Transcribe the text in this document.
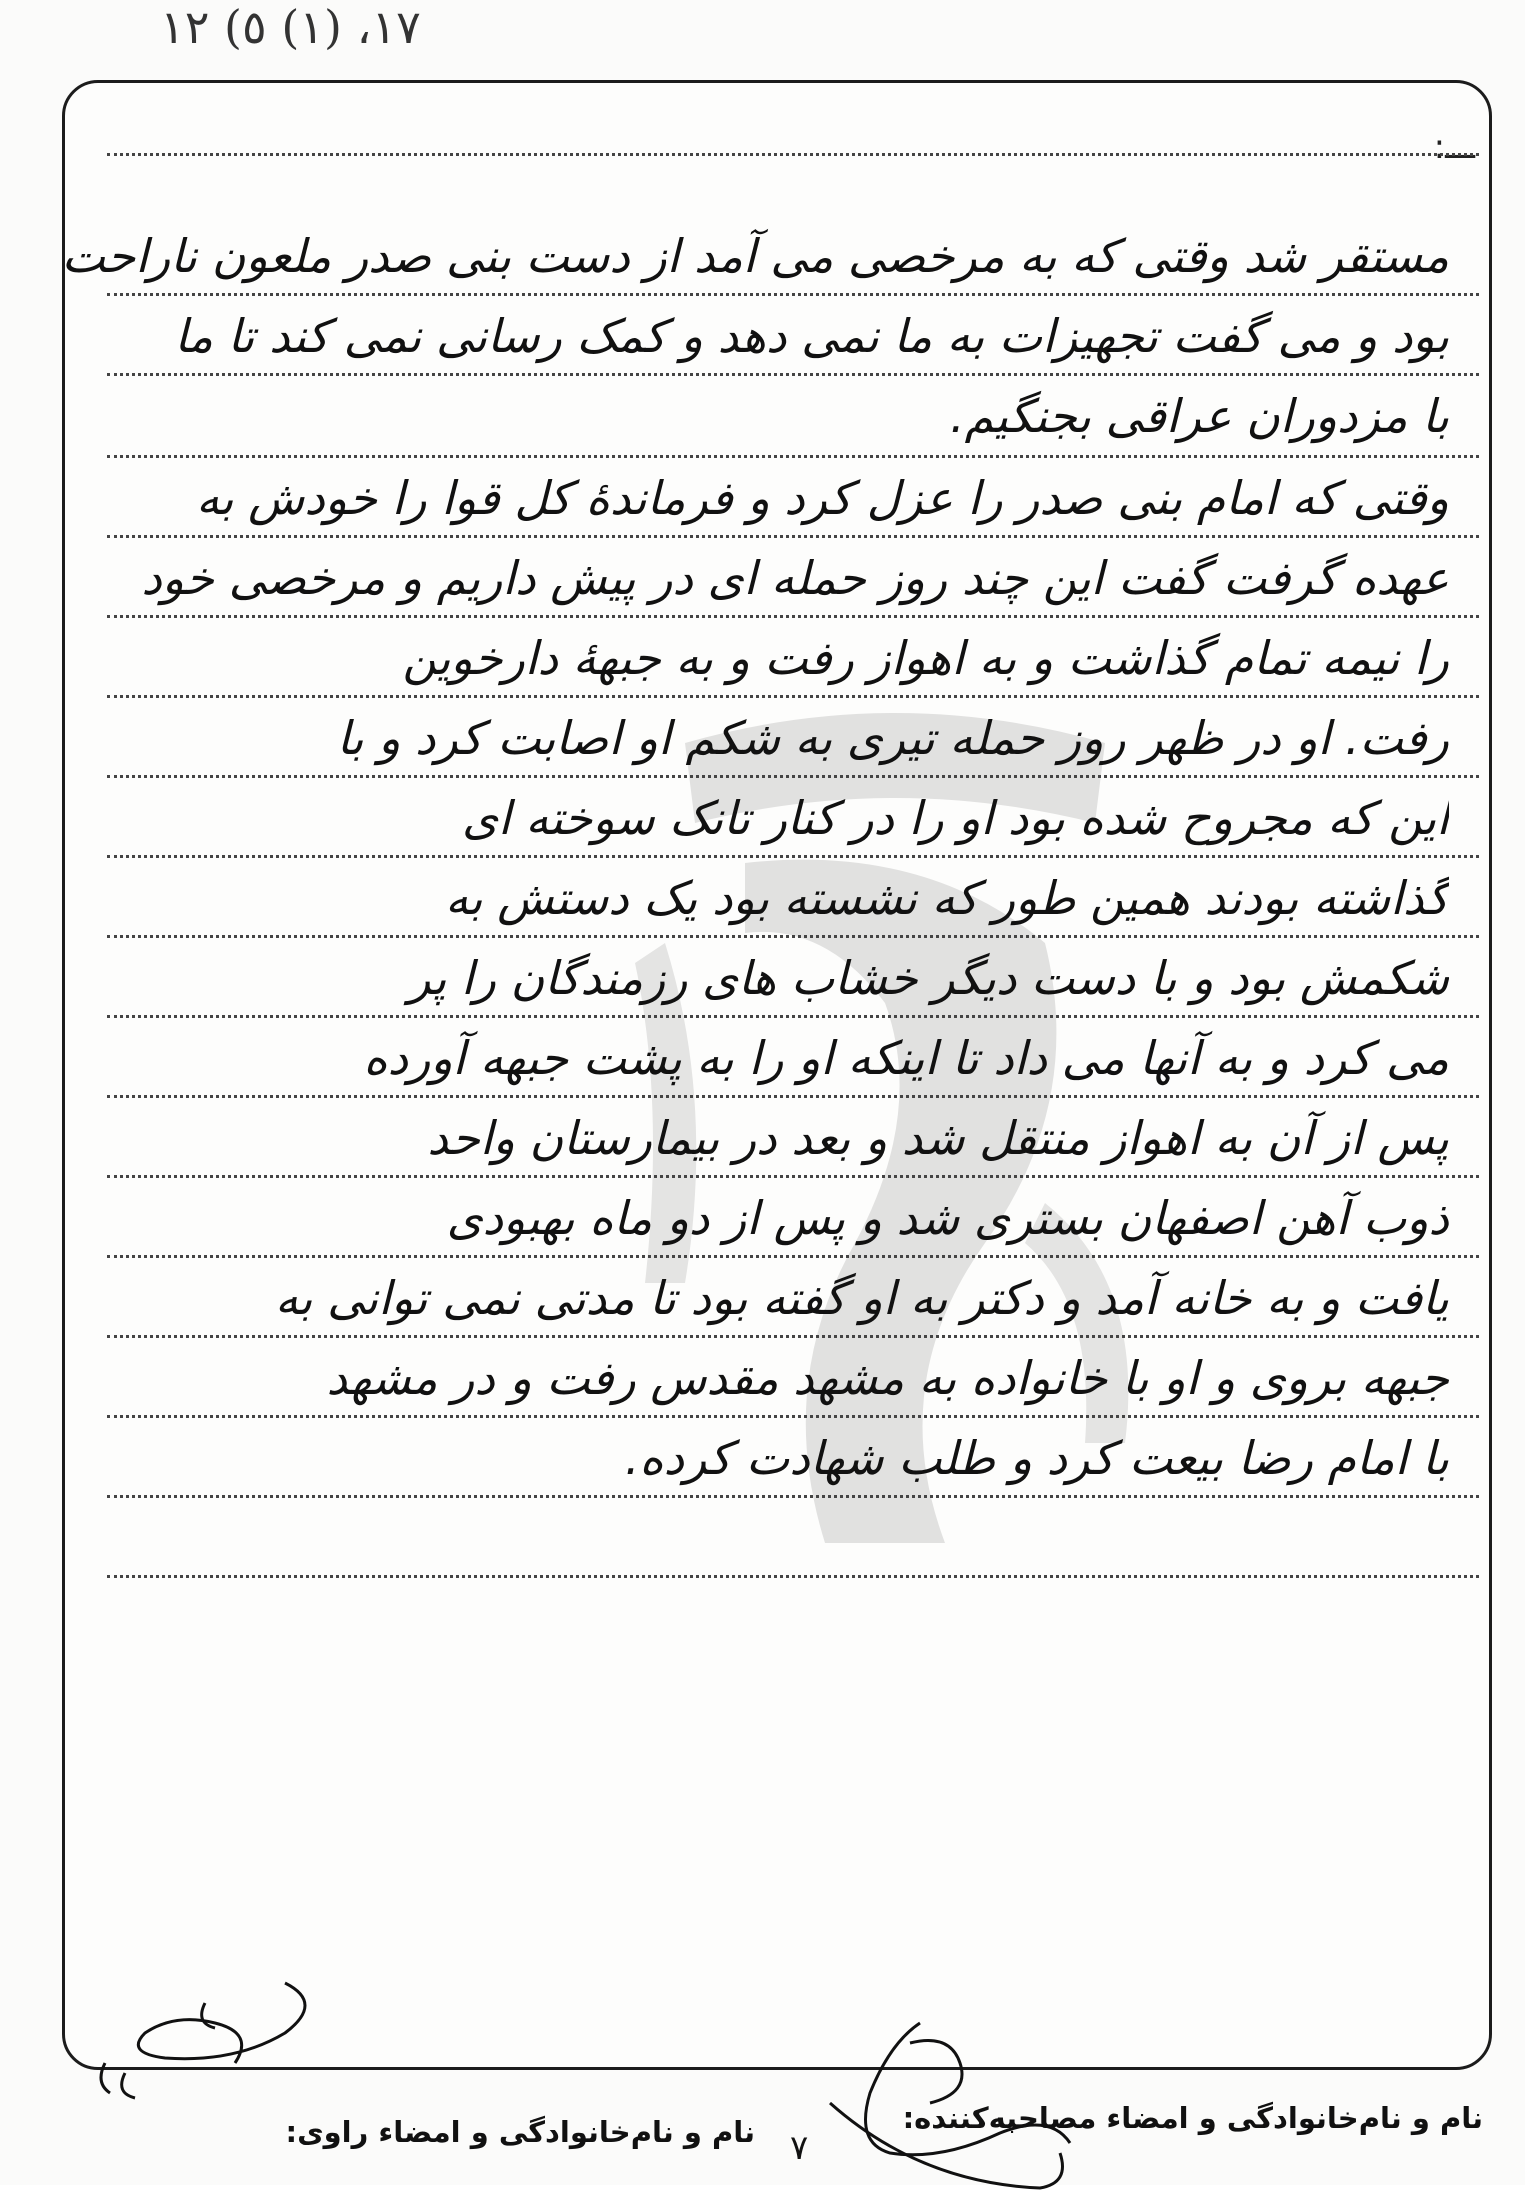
١٧، (١) ٥) ١٢
ـــ:
مستقر شد وقتی که به مرخصی می آمد از دست بنی صدر ملعون ناراحت
بود و می گفت تجهیزات به ما نمی دهد و کمک رسانی نمی کند تا ما
با مزدوران عراقی بجنگیم.
وقتی که امام بنی صدر را عزل کرد و فرماندهٔ کل قوا را خودش به
عهده گرفت گفت این چند روز حمله ای در پیش داریم و مرخصی خود
را نیمه تمام گذاشت و به اهواز رفت و به جبههٔ دارخوین
رفت. او در ظهر روز حمله تیری به شکم او اصابت کرد و با
این که مجروح شده بود او را در کنار تانک سوخته ای
گذاشته بودند همین طور که نشسته بود یک دستش به
شکمش بود و با دست دیگر خشاب های رزمندگان را پر
می کرد و به آنها می داد تا اینکه او را به پشت جبهه آورده
پس از آن به اهواز منتقل شد و بعد در بیمارستان واحد
ذوب آهن اصفهان بستری شد و پس از دو ماه بهبودی
یافت و به خانه آمد و دکتر به او گفته بود تا مدتی نمی توانی به
جبهه بروی و او با خانواده به مشهد مقدس رفت و در مشهد
با امام رضا بیعت کرد و طلب شهادت کرده.
نام و نام‌خانوادگی و امضاء مصاحبه‌کننده:
نام و نام‌خانوادگی و امضاء راوی: ۷
